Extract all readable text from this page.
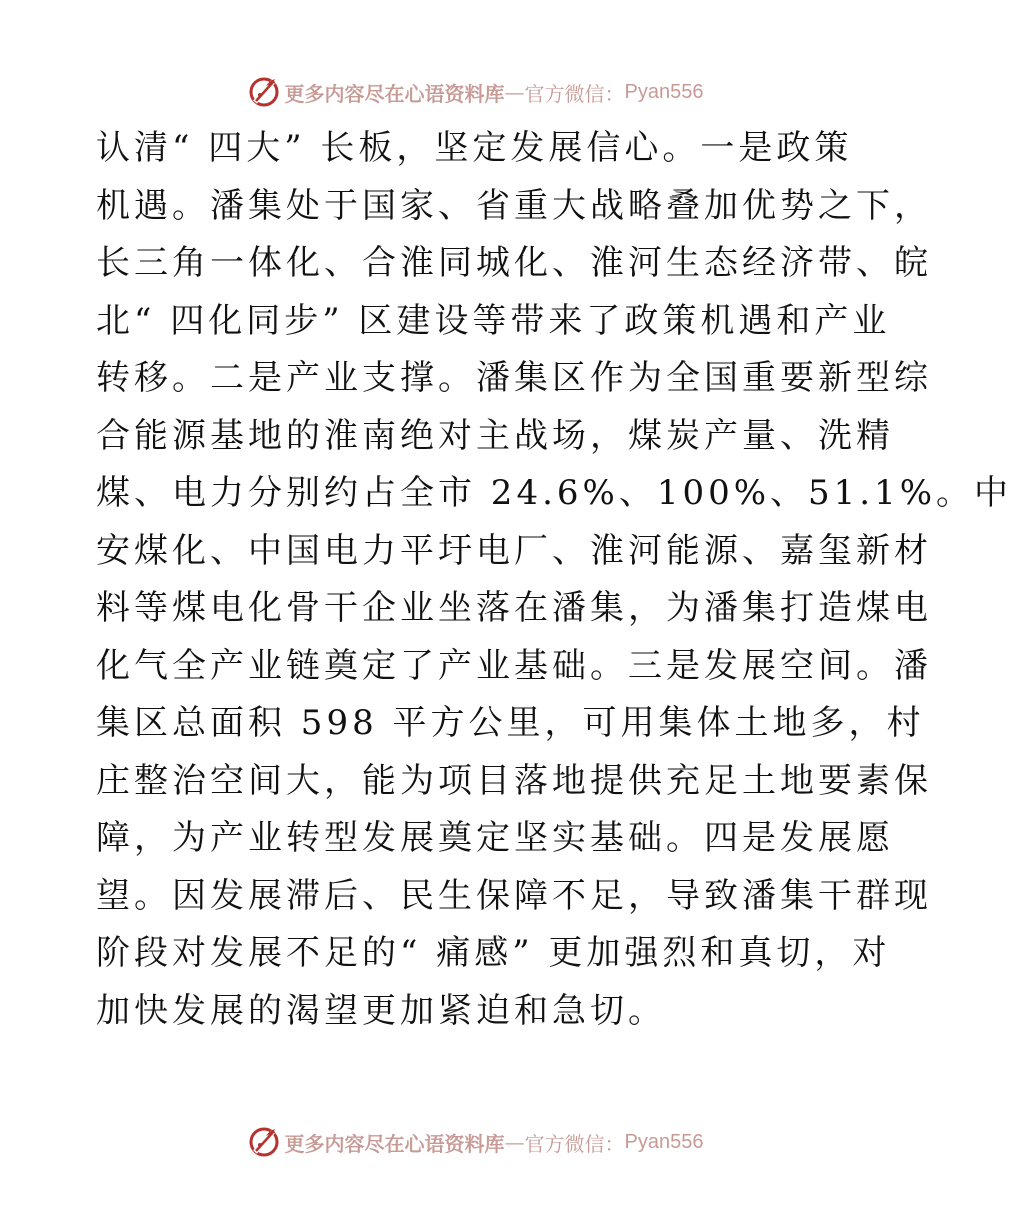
更多内容尽在心语资料库 — 官方微信： Pyan556
认清“ 四大” 长板，坚定发展信心。一是政策
机遇。潘集处于国家、省重大战略叠加优势之下，
长三角一体化、合淮同城化、淮河生态经济带、皖
北“ 四化同步” 区建设等带来了政策机遇和产业
转移。二是产业支撑。潘集区作为全国重要新型综
合能源基地的淮南绝对主战场，煤炭产量、洗精
煤、电力分别约占全市 24.6%、100%、51.1%。中
安煤化、中国电力平圩电厂、淮河能源、嘉玺新材
料等煤电化骨干企业坐落在潘集，为潘集打造煤电
化气全产业链奠定了产业基础。三是发展空间。潘
集区总面积 598 平方公里，可用集体土地多，村
庄整治空间大，能为项目落地提供充足土地要素保
障，为产业转型发展奠定坚实基础。四是发展愿
望。因发展滞后、民生保障不足，导致潘集干群现
阶段对发展不足的“ 痛感” 更加强烈和真切，对
加快发展的渴望更加紧迫和急切。
更多内容尽在心语资料库 — 官方微信： Pyan556
